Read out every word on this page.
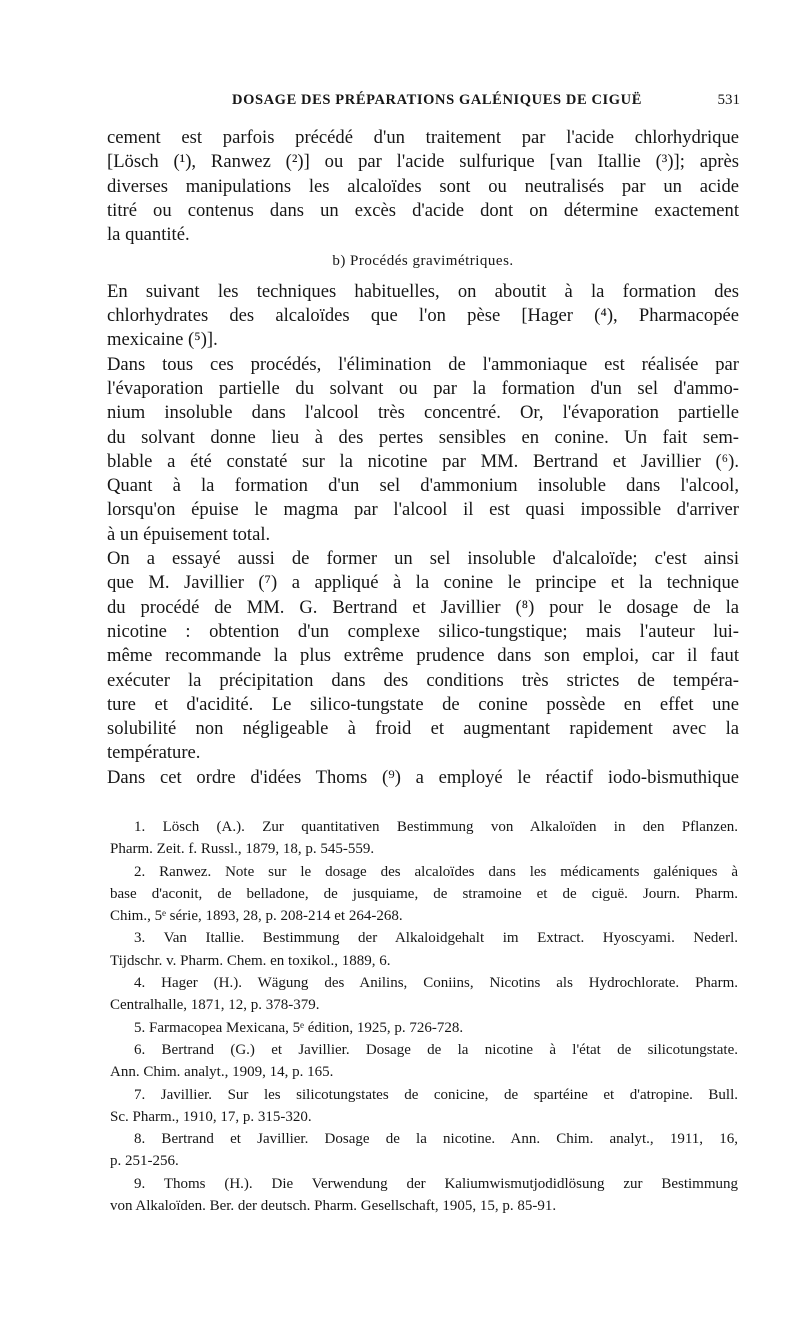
DOSAGE DES PRÉPARATIONS GALÉNIQUES DE CIGUË	531
cement est parfois précédé d'un traitement par l'acide chlorhydrique
[Lösch (¹), Ranwez (²)] ou par l'acide sulfurique [van Itallie (³)]; après
diverses manipulations les alcaloïdes sont ou neutralisés par un acide
titré ou contenus dans un excès d'acide dont on détermine exactement
la quantité.
b) Procédés gravimétriques.
En suivant les techniques habituelles, on aboutit à la formation des
chlorhydrates des alcaloïdes que l'on pèse [Hager (⁴), Pharmacopée
mexicaine (⁵)].
Dans tous ces procédés, l'élimination de l'ammoniaque est réalisée par
l'évaporation partielle du solvant ou par la formation d'un sel d'ammo-
nium insoluble dans l'alcool très concentré. Or, l'évaporation partielle
du solvant donne lieu à des pertes sensibles en conine. Un fait sem-
blable a été constaté sur la nicotine par MM. Bertrand et Javillier (⁶).
Quant à la formation d'un sel d'ammonium insoluble dans l'alcool,
lorsqu'on épuise le magma par l'alcool il est quasi impossible d'arriver
à un épuisement total.
On a essayé aussi de former un sel insoluble d'alcaloïde; c'est ainsi
que M. Javillier (⁷) a appliqué à la conine le principe et la technique
du procédé de MM. G. Bertrand et Javillier (⁸) pour le dosage de la
nicotine : obtention d'un complexe silico-tungstique; mais l'auteur lui-
même recommande la plus extrême prudence dans son emploi, car il faut
exécuter la précipitation dans des conditions très strictes de tempéra-
ture et d'acidité. Le silico-tungstate de conine possède en effet une
solubilité non négligeable à froid et augmentant rapidement avec la
température.
Dans cet ordre d'idées Thoms (⁹) a employé le réactif iodo-bismuthique
1. Lösch (A.). Zur quantitativen Bestimmung von Alkaloïden in den Pflanzen.
Pharm. Zeit. f. Russl., 1879, 18, p. 545-559.
2. Ranwez. Note sur le dosage des alcaloïdes dans les médicaments galéniques à
base d'aconit, de belladone, de jusquiame, de stramoine et de ciguë. Journ. Pharm.
Chim., 5ᵉ série, 1893, 28, p. 208-214 et 264-268.
3. Van Itallie. Bestimmung der Alkaloidgehalt im Extract. Hyoscyami. Nederl.
Tijdschr. v. Pharm. Chem. en toxikol., 1889, 6.
4. Hager (H.). Wägung des Anilins, Coniins, Nicotins als Hydrochlorate. Pharm.
Centralhalle, 1871, 12, p. 378-379.
5. Farmacopea Mexicana, 5ᵉ édition, 1925, p. 726-728.
6. Bertrand (G.) et Javillier. Dosage de la nicotine à l'état de silicotungstate.
Ann. Chim. analyt., 1909, 14, p. 165.
7. Javillier. Sur les silicotungstates de conicine, de spartéine et d'atropine. Bull.
Sc. Pharm., 1910, 17, p. 315-320.
8. Bertrand et Javillier. Dosage de la nicotine. Ann. Chim. analyt., 1911, 16,
p. 251-256.
9. Thoms (H.). Die Verwendung der Kaliumwismutjodidlösung zur Bestimmung
von Alkaloïden. Ber. der deutsch. Pharm. Gesellschaft, 1905, 15, p. 85-91.
